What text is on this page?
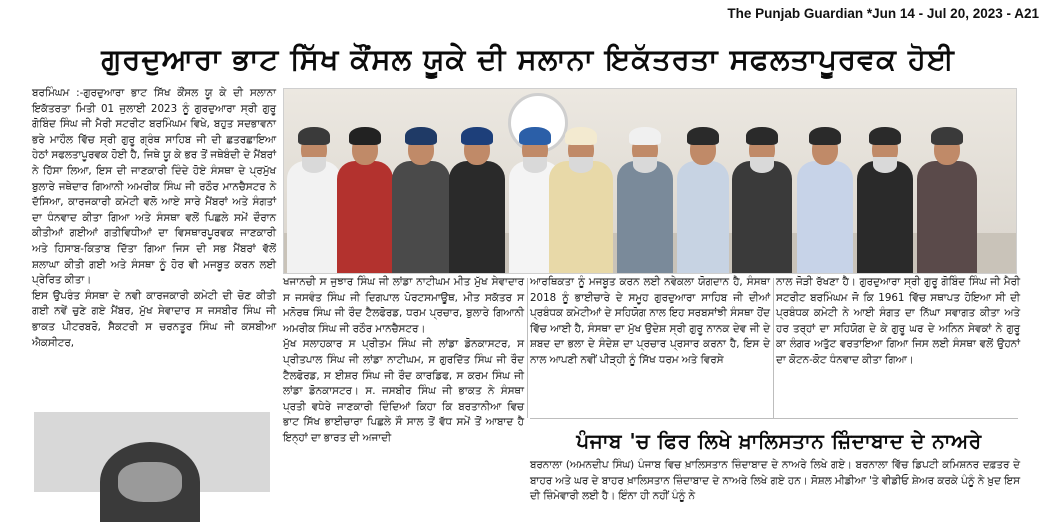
The Punjab Guardian *Jun 14 - Jul 20, 2023 - A21
ਗੁਰਦੁਆਰਾ ਭਾਟ ਸਿੱਖ ਕੌਂਸਲ ਯੂਕੇ ਦੀ ਸਲਾਨਾ ਇਕੱਤਰਤਾ ਸਫਲਤਾਪੂਰਵਕ ਹੋਈ

ਬਰਮਿੰਘਮ :-ਗੁਰਦੁਆਰਾ ਭਾਟ ਸਿੱਖ ਕੌਂਸਲ ਯੂ ਕੇ ਦੀ ਸਲਾਨਾ ਇਕੱਤਰਤਾ ਮਿਤੀ 01 ਜੁਲਾਈ 2023 ਨੂੰ ਗੁਰਦੁਆਰਾ ਸ੍ਰੀ ਗੁਰੂ ਗੋਬਿੰਦ ਸਿੰਘ ਜੀ ਮੈਰੀ ਸਟਰੀਟ ਬਰਮਿੰਘਮ ਵਿਖੇ, ਬਹੁਤ ਸਦਭਾਵਨਾ ਭਰੇ ਮਾਹੌਲ ਵਿੱਚ ਸ੍ਰੀ ਗੁਰੂ ਗ੍ਰੰਥ ਸਾਹਿਬ ਜੀ ਦੀ ਛਤਰਛਾਇਆ ਹੇਠਾਂ ਸਫਲਤਾਪੂਰਵਕ ਹੋਈ ਹੈ, ਜਿਥੇ ਯੂ ਕੇ ਭਰ ਤੋਂ ਜਥੇਬੰਦੀ ਦੇ ਮੈਂਬਰਾਂ ਨੇ ਹਿੱਸਾ ਲਿਆ, ਇਸ ਦੀ ਜਾਣਕਾਰੀ ਦਿੰਦੇ ਹੋਏ ਸੰਸਥਾ ਦੇ ਪ੍ਰਮੁੱਖ ਬੁਲਾਰੇ ਜਥੇਦਾਰ ਗਿਆਨੀ ਅਮਰੀਕ ਸਿੰਘ ਜੀ ਰਠੌਰ ਮਾਨਚੈਸਟਰ ਨੇ ਦੱਸਿਆ, ਕਾਰਜਕਾਰੀ ਕਮੇਟੀ ਵਲੋ ਆਏ ਸਾਰੇ ਮੈਂਬਰਾਂ ਅਤੇ ਸੰਗਤਾਂ ਦਾ ਧੰਨਵਾਦ ਕੀਤਾ ਗਿਆ ਅਤੇ ਸੰਸਥਾ ਵਲੋਂ ਪਿਛਲੇ ਸਮੇਂ ਦੌਰਾਨ ਕੀਤੀਆਂ ਗਈਆਂ ਗਤੀਵਿਧੀਆਂ ਦਾ ਵਿਸਥਾਰਪੂਰਵਕ ਜਾਣਕਾਰੀ ਅਤੇ ਹਿਸਾਬ-ਕਿਤਾਬ ਦਿੱਤਾ ਗਿਆ ਜਿਸ ਦੀ ਸਭ ਮੈਂਬਰਾਂ ਵੱਲੋਂ ਸ਼ਲਾਘਾ ਕੀਤੀ ਗਈ ਅਤੇ ਸੰਸਥਾ ਨੂੰ ਹੋਰ ਵੀ ਮਜਬੂਤ ਕਰਨ ਲਈ ਪ੍ਰੇਰਿਤ ਕੀਤਾ।

ਇਸ ਉਪਰੰਤ ਸੰਸਥਾ ਦੇ ਨਵੀ ਕਾਰਜਕਾਰੀ ਕਮੇਟੀ ਦੀ ਚੋਣ ਕੀਤੀ ਗਈ ਨਵੇਂ ਚੁਣੇ ਗਏ ਮੈਂਬਰ, ਮੁੱਖ ਸੇਵਾਦਾਰ ਸ ਜਸਬੀਰ ਸਿੰਘ ਜੀ ਭਾਕਤ ਪੀਟਰਬਰੋ, ਸੈਕਟਰੀ ਸ ਚਰਨਤੂਰ ਸਿੰਘ ਜੀ ਕਸਬੀਆ ਐਕਸੀਟਰ,

ਖਜਾਨਚੀ ਸ ਜੁਝਾਰ ਸਿੰਘ ਜੀ ਲਾਂਡਾ ਨਾਟੀਘਮ ਮੀਤ ਮੁੱਖ ਸੇਵਾਦਾਰ ਸ ਜਸਵੰਤ ਸਿੰਘ ਜੀ ਦਿਗਪਾਲ ਪੋਰਟਸਮਾਊਥ, ਮੀਤ ਸਕੱਤਰ ਸ ਮਨੋਰਥ ਸਿੰਘ ਜੀ ਰੌਦ ਟੈਲਫੋਰਡ, ਧਰਮ ਪ੍ਰਚਾਰ, ਬੁਲਾਰੇ ਗਿਆਨੀ ਅਮਰੀਕ ਸਿੰਘ ਜੀ ਰਠੌਰ ਮਾਨਚੈਸਟਰ।

ਮੁੱਖ ਸਲਾਹਕਾਰ ਸ ਪ੍ਰੀਤਮ ਸਿੰਘ ਜੀ ਲਾਂਡਾ ਡੋਨਕਾਸਟਰ, ਸ ਪ੍ਰੀਤਪਾਲ ਸਿੰਘ ਜੀ ਲਾਂਡਾ ਨਾਟੀਘਮ, ਸ ਗੁਰਦਿੱਤ ਸਿੰਘ ਜੀ ਰੌਦ ਟੈਲਫੋਰਡ, ਸ ਈਸ਼ਰ ਸਿੰਘ ਜੀ ਰੌਦ ਕਾਰਡਿਫ, ਸ ਕਰਮ ਸਿੰਘ ਜੀ ਲਾਂਡਾ ਡੋਨਕਾਸਟਰ। ਸ. ਜਸਬੀਰ ਸਿੰਘ ਜੀ ਭਾਕਤ ਨੇ ਸੰਸਥਾ ਪ੍ਰਤੀ ਵਧੇਰੇ ਜਾਣਕਾਰੀ ਦਿੰਦਿਆਂ ਕਿਹਾ ਕਿ ਬਰਤਾਨੀਆ ਵਿਚ ਭਾਟ ਸਿੱਖ ਭਾਈਚਾਰਾ ਪਿਛਲੇ ਸੌ ਸਾਲ ਤੋਂ ਵੱਧ ਸਮੇਂ ਤੋਂ ਆਬਾਦ ਹੈ ਇਨ੍ਹਾਂ ਦਾ ਭਾਰਤ ਦੀ ਅਜਾਦੀ

ਆਰਥਿਕਤਾ ਨੂੰ ਮਜਬੂਤ ਕਰਨ ਲਈ ਨਵੇਕਲਾ ਯੋਗਦਾਨ ਹੈ, ਸੰਸਥਾ 2018 ਨੂੰ ਭਾਈਚਾਰੇ ਦੇ ਸਮੂਹ ਗੁਰਦੁਆਰਾ ਸਾਹਿਬ ਜੀ ਦੀਆਂ ਪ੍ਰਬੰਧਕ ਕਮੇਟੀਆਂ ਦੇ ਸਹਿਯੋਗ ਨਾਲ ਇਹ ਸਰਬਸਾਂਝੀ ਸੰਸਥਾ ਹੋਂਦ ਵਿੱਚ ਆਈ ਹੈ, ਸੰਸਥਾ ਦਾ ਮੁੱਖ ਉਦੇਸ਼ ਸ੍ਰੀ ਗੁਰੂ ਨਾਨਕ ਦੇਵ ਜੀ ਦੇ ਸ਼ਬਦ ਦਾ ਭਲਾ ਦੇ ਸੰਦੇਸ਼ ਦਾ ਪ੍ਰਚਾਰ ਪ੍ਰਸਾਰ ਕਰਨਾ ਹੈ, ਇਸ ਦੇ ਨਾਲ ਆਪਣੀ ਨਵੀਂ ਪੀੜ੍ਹੀ ਨੂੰ ਸਿੱਖ ਧਰਮ ਅਤੇ ਵਿਰਸੇ

ਨਾਲ ਜੋੜੀ ਰੱਖਣਾ ਹੈ। ਗੁਰਦੁਆਰਾ ਸ੍ਰੀ ਗੁਰੂ ਗੋਬਿੰਦ ਸਿੰਘ ਜੀ ਮੈਰੀ ਸਟਰੀਟ ਬਰਮਿੰਘਮ ਜੋ ਕਿ 1961 ਵਿੱਚ ਸਥਾਪਤ ਹੋਇਆ ਸੀ ਦੀ ਪ੍ਰਬੰਧਕ ਕਮੇਟੀ ਨੇ ਆਈ ਸੰਗਤ ਦਾ ਨਿੱਘਾ ਸਵਾਗਤ ਕੀਤਾ ਅਤੇ ਹਰ ਤਰ੍ਹਾਂ ਦਾ ਸਹਿਯੋਗ ਦੇ ਕੇ ਗੁਰੂ ਘਰ ਦੇ ਅਨਿਨ ਸੇਵਕਾਂ ਨੇ ਗੁਰੂ ਕਾ ਲੰਗਰ ਅਤੁੱਟ ਵਰਤਾਇਆ ਗਿਆ ਜਿਸ ਲਈ ਸੰਸਥਾ ਵਲੋਂ ਉਹਨਾਂ ਦਾ ਕੋਟਨ-ਕੋਟ ਧੰਨਵਾਦ ਕੀਤਾ ਗਿਆ।

ਪੰਜਾਬ 'ਚ ਫਿਰ ਲਿਖੇ ਖ਼ਾਲਿਸਤਾਨ ਜ਼ਿੰਦਾਬਾਦ ਦੇ ਨਾਅਰੇ

ਬਰਨਾਲਾ (ਅਮਨਦੀਪ ਸਿੰਘ) ਪੰਜਾਬ ਵਿਚ ਖ਼ਾਲਿਸਤਾਨ ਜ਼ਿੰਦਾਬਾਦ ਦੇ ਨਾਅਰੇ ਲਿਖੇ ਗਏ। ਬਰਨਾਲਾ ਵਿੱਚ ਡਿਪਟੀ ਕਮਿਸ਼ਨਰ ਦਫ਼ਤਰ ਦੇ ਬਾਹਰ ਅਤੇ ਘਰ ਦੇ ਬਾਹਰ ਖ਼ਾਲਿਸਤਾਨ ਜ਼ਿੰਦਾਬਾਦ ਦੇ ਨਾਅਰੇ ਲਿਖੇ ਗਏ ਹਨ। ਸੋਸ਼ਲ ਮੀਡੀਆ 'ਤੇ ਵੀਡੀਓ ਸ਼ੇਅਰ ਕਰਕੇ ਪੰਨੂੰ ਨੇ ਖ਼ੁਦ ਇਸ ਦੀ ਜ਼ਿੰਮੇਵਾਰੀ ਲਈ ਹੈ। ਇੰਨਾ ਹੀ ਨਹੀਂ ਪੰਨੂੰ ਨੇ
